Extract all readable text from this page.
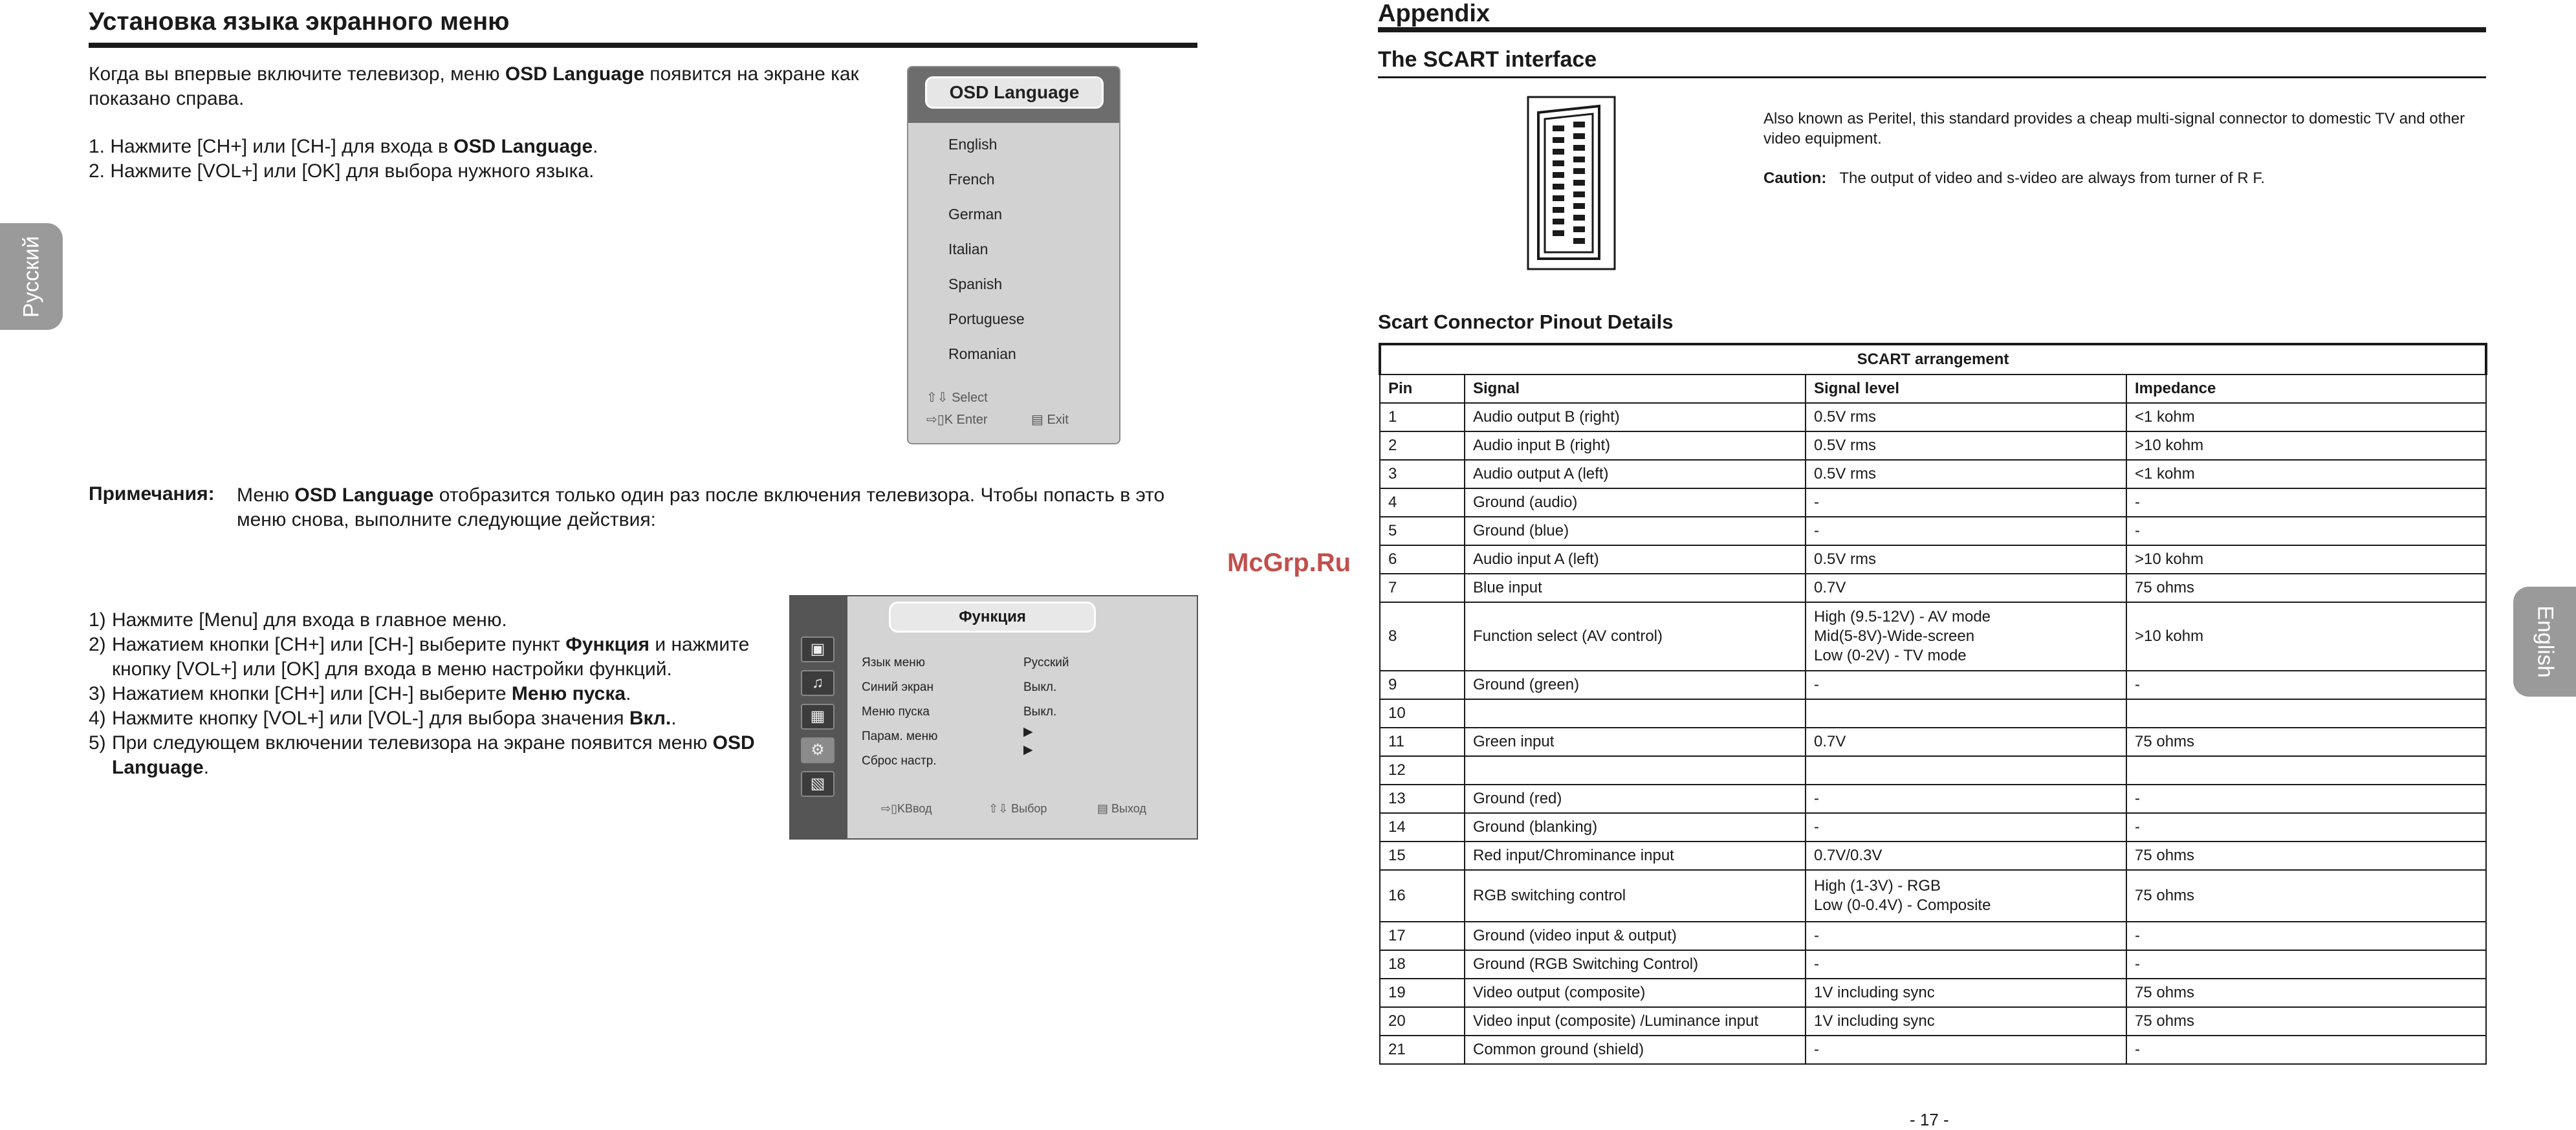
Установка языка экранного меню
Русский
Когда вы впервые включите телевизор, меню OSD Language появится на экране как показано справа.
1. Нажмите [CH+] или [CH-] для входа в OSD Language.
2. Нажмите [VOL+] или [OK] для выбора нужного языка.
OSD Language
English
French
German
Italian
Spanish
Portuguese
Romanian
⇧⇩ Select
⇨▯K Enter	▤ Exit
Примечания: Меню OSD Language отобразится только один раз после включения телевизора. Чтобы попасть в это меню снова, выполните следующие действия:
1) Нажмите [Menu] для входа в главное меню.
2) Нажатием кнопки [CH+] или [CH-] выберите пункт Функция и нажмите кнопку [VOL+] или [OK] для входа в меню настройки функций.
3) Нажатием кнопки [CH+] или [CH-] выберите Меню пуска.
4) Нажмите кнопку [VOL+] или [VOL-] для выбора значения Вкл..
5) При следующем включении телевизора на экране появится меню OSD Language.
▣
♫
▦
⚙
▧
Функция
Язык меню	Русский
Синий экран	Выкл.
Меню пуска	Выкл.
Парам. меню	▶
Сброс настр.
▶
⇨▯KВвод	⇧⇩ Выбор	▤ Выход
McGrp.Ru
Appendix
The SCART interface
Also known as Peritel, this standard provides a cheap multi-signal connector to domestic TV and other video equipment.
Caution: The output of video and s-video are always from turner of R F.
Scart Connector Pinout Details
SCART arrangement			
Pin	Signal	Signal level	Impedance
1	Audio output B (right)	0.5V rms	<1 kohm
2	Audio input B (right)	0.5V rms	>10 kohm
3	Audio output A (left)	0.5V rms	<1 kohm
4	Ground (audio)	-	-
5	Ground (blue)	-	-
6	Audio input A (left)	0.5V rms	>10 kohm
7	Blue input	0.7V	75 ohms
8	Function select (AV control)	High (9.5-12V) - AV mode
Mid(5-8V)-Wide-screen
Low (0-2V) - TV mode	>10 kohm
9	Ground (green)	-	-
10			
11	Green input	0.7V	75 ohms
12			
13	Ground (red)	-	-
14	Ground (blanking)	-	-
15	Red input/Chrominance input	0.7V/0.3V	75 ohms
16	RGB switching control	High (1-3V) - RGB
Low (0-0.4V) - Composite	75 ohms
17	Ground (video input & output)	-	-
18	Ground (RGB Switching Control)	-	-
19	Video output (composite)	1V including sync	75 ohms
20	Video input (composite) /Luminance input	1V including sync	75 ohms
21	Common ground (shield)	-	-
English
- 17 -
